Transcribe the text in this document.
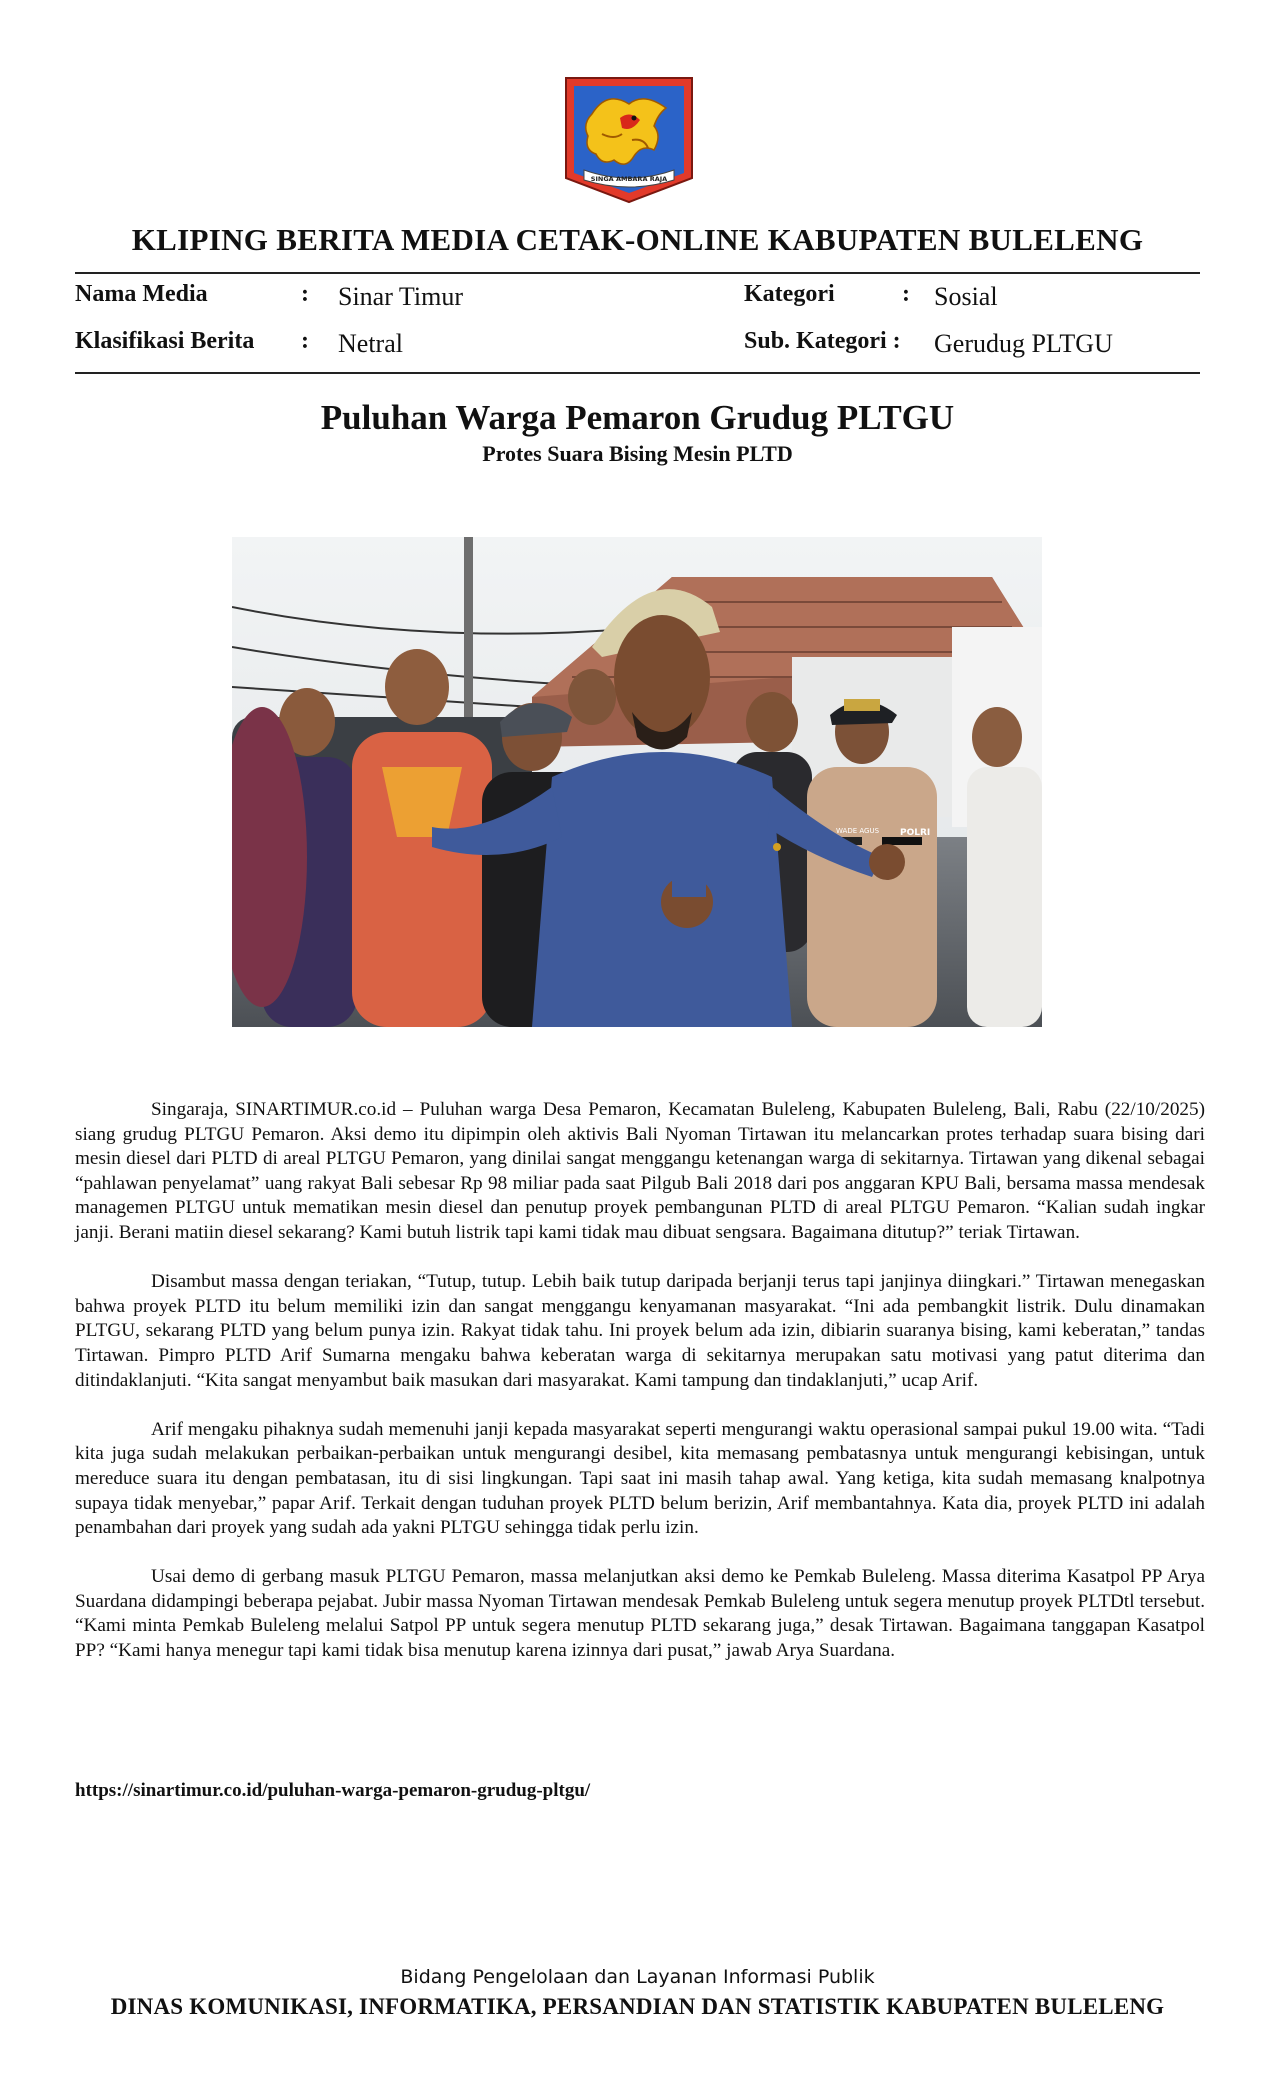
SINGA AMBARA RAJA
KLIPING BERITA MEDIA CETAK-ONLINE KABUPATEN BULELENG
Nama Media	: Sinar Timur	Kategori	: Sosial
Klasifikasi Berita : Netral	Sub. Kategori : Gerudug PLTGU
Puluhan Warga Pemaron Grudug PLTGU
Protes Suara Bising Mesin PLTD
POLRI
WADE AGUS

Singaraja, SINARTIMUR.co.id – Puluhan warga Desa Pemaron, Kecamatan Buleleng, Kabupaten Buleleng, Bali, Rabu (22/10/2025) siang grudug PLTGU Pemaron. Aksi demo itu dipimpin oleh aktivis Bali Nyoman Tirtawan itu melancarkan protes terhadap suara bising dari mesin diesel dari PLTD di areal PLTGU Pemaron, yang dinilai sangat menggangu ketenangan warga di sekitarnya. Tirtawan yang dikenal sebagai “pahlawan penyelamat” uang rakyat Bali sebesar Rp 98 miliar pada saat Pilgub Bali 2018 dari pos anggaran KPU Bali, bersama massa mendesak managemen PLTGU untuk mematikan mesin diesel dan penutup proyek pembangunan PLTD di areal PLTGU Pemaron. “Kalian sudah ingkar janji. Berani matiin diesel sekarang? Kami butuh listrik tapi kami tidak mau dibuat sengsara. Bagaimana ditutup?” teriak Tirtawan.

Disambut massa dengan teriakan, “Tutup, tutup. Lebih baik tutup daripada berjanji terus tapi janjinya diingkari.” Tirtawan menegaskan bahwa proyek PLTD itu belum memiliki izin dan sangat menggangu kenyamanan masyarakat. “Ini ada pembangkit listrik. Dulu dinamakan PLTGU, sekarang PLTD yang belum punya izin. Rakyat tidak tahu. Ini proyek belum ada izin, dibiarin suaranya bising, kami keberatan,” tandas Tirtawan. Pimpro PLTD Arif Sumarna mengaku bahwa keberatan warga di sekitarnya merupakan satu motivasi yang patut diterima dan ditindaklanjuti. “Kita sangat menyambut baik masukan dari masyarakat. Kami tampung dan tindaklanjuti,” ucap Arif.

Arif mengaku pihaknya sudah memenuhi janji kepada masyarakat seperti mengurangi waktu operasional sampai pukul 19.00 wita. “Tadi kita juga sudah melakukan perbaikan-perbaikan untuk mengurangi desibel, kita memasang pembatasnya untuk mengurangi kebisingan, untuk mereduce suara itu dengan pembatasan, itu di sisi lingkungan. Tapi saat ini masih tahap awal. Yang ketiga, kita sudah memasang knalpotnya supaya tidak menyebar,” papar Arif. Terkait dengan tuduhan proyek PLTD belum berizin, Arif membantahnya. Kata dia, proyek PLTD ini adalah penambahan dari proyek yang sudah ada yakni PLTGU sehingga tidak perlu izin.

Usai demo di gerbang masuk PLTGU Pemaron, massa melanjutkan aksi demo ke Pemkab Buleleng. Massa diterima Kasatpol PP Arya Suardana didampingi beberapa pejabat. Jubir massa Nyoman Tirtawan mendesak Pemkab Buleleng untuk segera menutup proyek PLTDtl tersebut. “Kami minta Pemkab Buleleng melalui Satpol PP untuk segera menutup PLTD sekarang juga,” desak Tirtawan. Bagaimana tanggapan Kasatpol PP? “Kami hanya menegur tapi kami tidak bisa menutup karena izinnya dari pusat,” jawab Arya Suardana.

https://sinartimur.co.id/puluhan-warga-pemaron-grudug-pltgu/
Bidang Pengelolaan dan Layanan Informasi Publik
DINAS KOMUNIKASI, INFORMATIKA, PERSANDIAN DAN STATISTIK KABUPATEN BULELENG
